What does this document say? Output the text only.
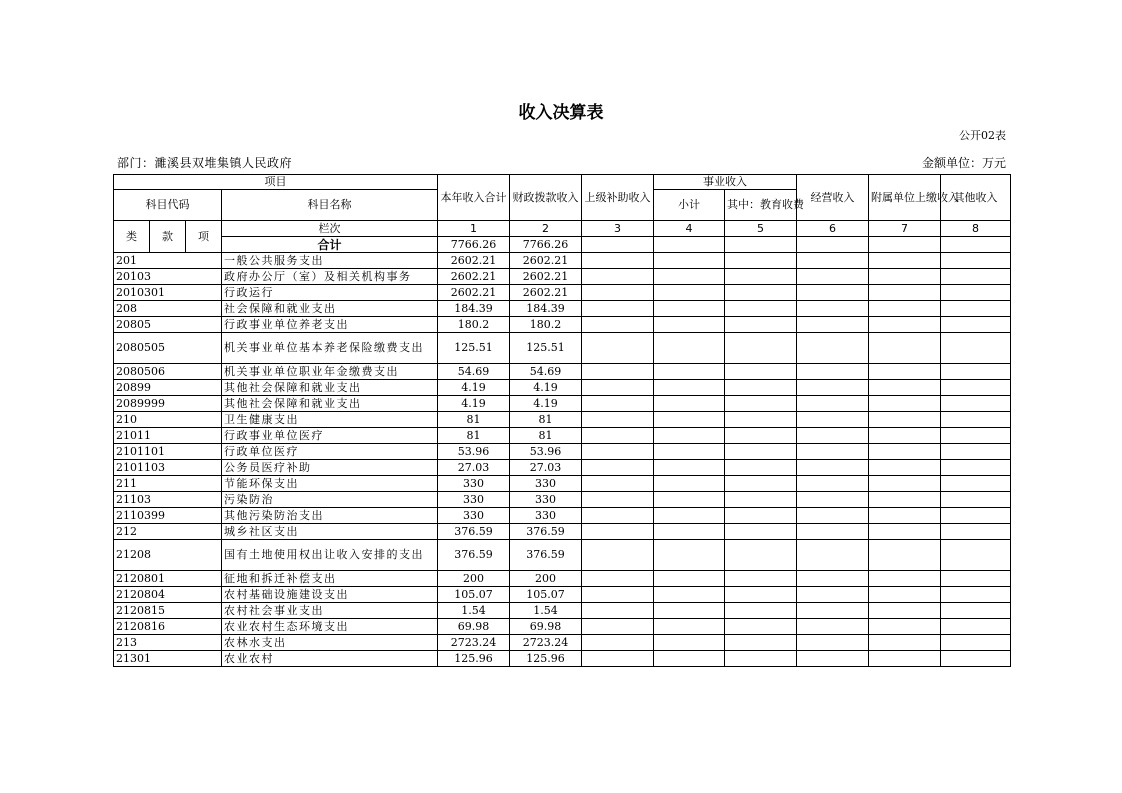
收入决算表
公开02表
部门：濉溪县双堆集镇人民政府	金额单位：万元
项目				本年收入合计	财政拨款收入	上级补助收入	事业收入		经营收入	附属单位上缴收入	其他收入
科目代码			科目名称				小计	其中：教育收费			
类	款	项	栏次	1	2	3	4	5	6	7	8
			合计	7766.26	7766.26						
201			一般公共服务支出	2602.21	2602.21						
20103			政府办公厅（室）及相关机构事务	2602.21	2602.21						
2010301			行政运行	2602.21	2602.21						
208			社会保障和就业支出	184.39	184.39						
20805			行政事业单位养老支出	180.2	180.2						
2080505			机关事业单位基本养老保险缴费支出	125.51	125.51						
2080506			机关事业单位职业年金缴费支出	54.69	54.69						
20899			其他社会保障和就业支出	4.19	4.19						
2089999			其他社会保障和就业支出	4.19	4.19						
210			卫生健康支出	81	81						
21011			行政事业单位医疗	81	81						
2101101			行政单位医疗	53.96	53.96						
2101103			公务员医疗补助	27.03	27.03						
211			节能环保支出	330	330						
21103			污染防治	330	330						
2110399			其他污染防治支出	330	330						
212			城乡社区支出	376.59	376.59						
21208			国有土地使用权出让收入安排的支出	376.59	376.59						
2120801			征地和拆迁补偿支出	200	200						
2120804			农村基础设施建设支出	105.07	105.07						
2120815			农村社会事业支出	1.54	1.54						
2120816			农业农村生态环境支出	69.98	69.98						
213			农林水支出	2723.24	2723.24						
21301			农业农村	125.96	125.96						
